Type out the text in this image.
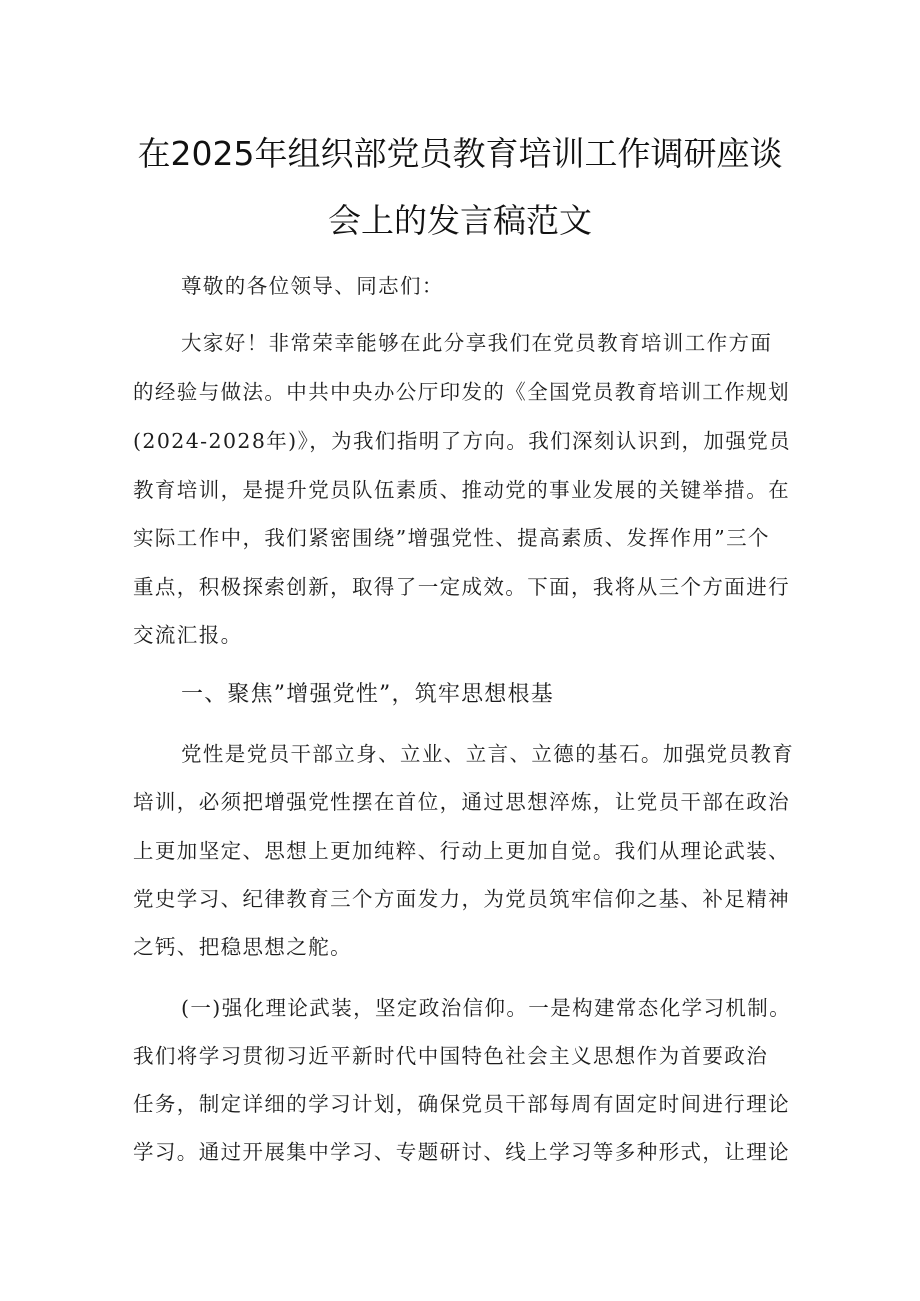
在2025年组织部党员教育培训工作调研座谈
会上的发言稿范文
尊敬的各位领导、同志们：
大家好！非常荣幸能够在此分享我们在党员教育培训工作方面
的经验与做法。中共中央办公厅印发的《全国党员教育培训工作规划
(2024-2028年)》，为我们指明了方向。我们深刻认识到，加强党员
教育培训，是提升党员队伍素质、推动党的事业发展的关键举措。在
实际工作中，我们紧密围绕”增强党性、提高素质、发挥作用”三个
重点，积极探索创新，取得了一定成效。下面，我将从三个方面进行
交流汇报。
一、聚焦”增强党性”，筑牢思想根基
党性是党员干部立身、立业、立言、立德的基石。加强党员教育
培训，必须把增强党性摆在首位，通过思想淬炼，让党员干部在政治
上更加坚定、思想上更加纯粹、行动上更加自觉。我们从理论武装、
党史学习、纪律教育三个方面发力，为党员筑牢信仰之基、补足精神
之钙、把稳思想之舵。
(一)强化理论武装，坚定政治信仰。一是构建常态化学习机制。
我们将学习贯彻习近平新时代中国特色社会主义思想作为首要政治
任务，制定详细的学习计划，确保党员干部每周有固定时间进行理论
学习。通过开展集中学习、专题研讨、线上学习等多种形式，让理论
